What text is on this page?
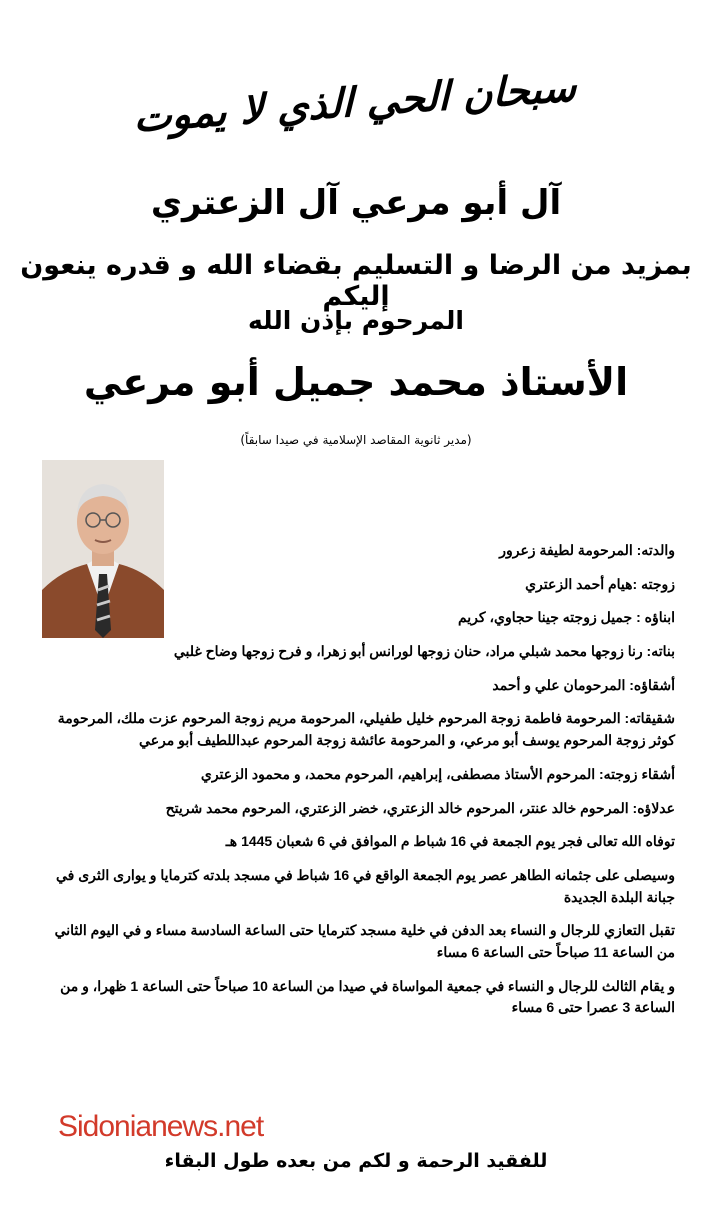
سبحان الحي الذي لا يموت
آل أبو مرعي آل الزعتري
بمزيد من الرضا و التسليم بقضاء الله و قدره ينعون إليكم
المرحوم بإذن الله
الأستاذ محمد جميل أبو مرعي
(مدير ثانوية المقاصد الإسلامية في صيدا سابقاً)
والدته: المرحومة لطيفة زعرور
زوجته :هيام أحمد الزعتري
ابناؤه : جميل زوجته جينا حجاوي، كريم
بناته: رنا زوجها محمد شبلي مراد، حنان زوجها لورانس أبو زهرا، و فرح زوجها وضاح غلبي
أشقاؤه: المرحومان علي و أحمد
شقيقاته: المرحومة فاطمة زوجة المرحوم خليل طفيلي، المرحومة مريم زوجة المرحوم عزت ملك، المرحومة كوثر زوجة المرحوم يوسف أبو مرعي، و المرحومة عائشة زوجة المرحوم عبداللطيف أبو مرعي
أشقاء زوجته: المرحوم الأستاذ مصطفى، إبراهيم، المرحوم محمد، و محمود الزعتري
عدلاؤه: المرحوم خالد عنتر، المرحوم خالد الزعتري، خضر الزعتري، المرحوم محمد شريتح
توفاه الله تعالى فجر يوم الجمعة في 16 شباط م الموافق في 6 شعبان 1445 هـ
وسيصلى على جثمانه الطاهر عصر يوم الجمعة الواقع في 16 شباط في مسجد بلدته كترمايا و يوارى الثرى في جبانة البلدة الجديدة
تقبل التعازي للرجال و النساء بعد الدفن في خلية مسجد كترمايا حتى الساعة السادسة مساء و في اليوم الثاني من الساعة 11 صباحاً حتى الساعة 6 مساء
و يقام الثالث للرجال و النساء في جمعية المواساة في صيدا من الساعة 10 صباحاً حتى الساعة 1 ظهرا، و من الساعة 3 عصرا حتى 6 مساء
Sidonianews.net
للفقيد الرحمة و لكم من بعده طول البقاء
